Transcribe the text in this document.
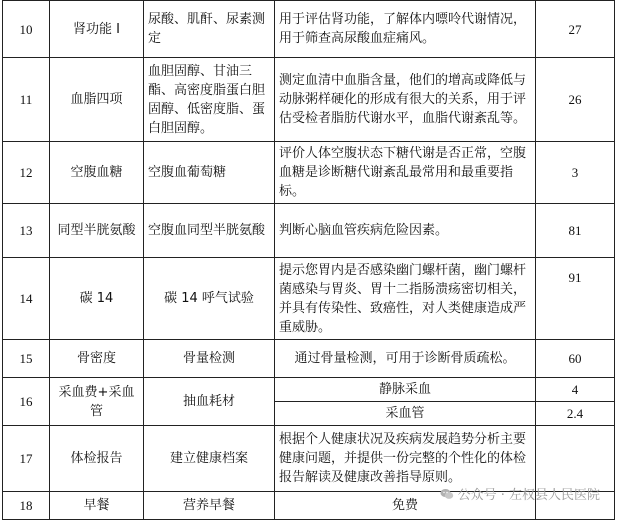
10	肾功能 I	尿酸、肌酐、尿素测定	用于评估肾功能，了解体内嘌呤代谢情况，用于筛查高尿酸血症痛风。	27
11	血脂四项	血胆固醇、甘油三酯、高密度脂蛋白胆固醇、低密度脂、蛋白胆固醇。	测定血清中血脂含量，他们的增高或降低与动脉粥样硬化的形成有很大的关系，用于评估受检者脂肪代谢水平，血脂代谢紊乱等。	26
12	空腹血糖	空腹血葡萄糖	评价人体空腹状态下糖代谢是否正常，空腹血糖是诊断糖代谢紊乱最常用和最重要指标。	3
13	同型半胱氨酸	空腹血同型半胱氨酸	判断心脑血管疾病危险因素。	81
14	碳 14	碳 14 呼气试验	提示您胃内是否感染幽门螺杆菌，幽门螺杆菌感染与胃炎、胃十二指肠溃疡密切相关，并具有传染性、致癌性，对人类健康造成严重威胁。	91
15	骨密度	骨量检测	通过骨量检测，可用于诊断骨质疏松。	60
16	采血费+采血管	抽血耗材	静脉采血	4
			采血管	2.4
17	体检报告	建立健康档案	根据个人健康状况及疾病发展趋势分析主要健康问题，并提供一份完整的个性化的体检报告解读及健康改善指导原则。	
18	早餐	营养早餐	免费	
公众号 · 左权县人民医院
